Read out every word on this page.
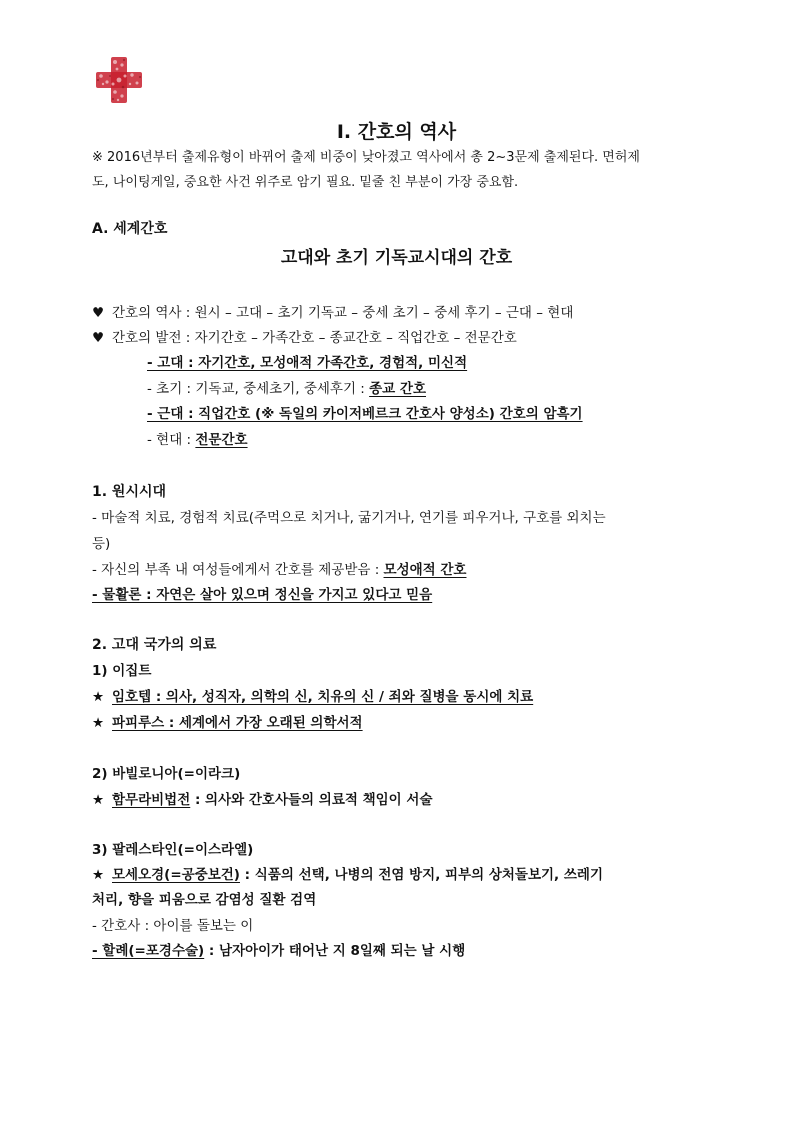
I. 간호의 역사
※ 2016년부터 출제유형이 바뀌어 출제 비중이 낮아졌고 역사에서 총 2~3문제 출제된다. 면허제
도, 나이팅게일, 중요한 사건 위주로 암기 필요. 밑줄 친 부분이 가장 중요함.
A. 세계간호
고대와 초기 기독교시대의 간호
♥ 간호의 역사 : 원시 – 고대 – 초기 기독교 – 중세 초기 – 중세 후기 – 근대 – 현대
♥ 간호의 발전 : 자기간호 – 가족간호 – 종교간호 – 직업간호 – 전문간호
- 고대 : 자기간호, 모성애적 가족간호, 경험적, 미신적
- 초기 : 기독교, 중세초기, 중세후기 : 종교 간호
- 근대 : 직업간호 (※ 독일의 카이저베르크 간호사 양성소) 간호의 암흑기
- 현대 : 전문간호
1. 원시시대
- 마술적 치료, 경험적 치료(주먹으로 치거나, 굶기거나, 연기를 피우거나, 구호를 외치는
등)
- 자신의 부족 내 여성들에게서 간호를 제공받음 : 모성애적 간호
- 물활론 : 자연은 살아 있으며 정신을 가지고 있다고 믿음
2. 고대 국가의 의료
1) 이집트
★ 임호텝 : 의사, 성직자, 의학의 신, 치유의 신 / 죄와 질병을 동시에 치료
★ 파피루스 : 세계에서 가장 오래된 의학서적
2) 바빌로니아(=이라크)
★ 함무라비법전 : 의사와 간호사들의 의료적 책임이 서술
3) 팔레스타인(=이스라엘)
★ 모세오경(=공중보건) : 식품의 선택, 나병의 전염 방지, 피부의 상처돌보기, 쓰레기
처리, 향을 피움으로 감염성 질환 검역
- 간호사 : 아이를 돌보는 이
- 할례(=포경수술) : 남자아이가 태어난 지 8일째 되는 날 시행
